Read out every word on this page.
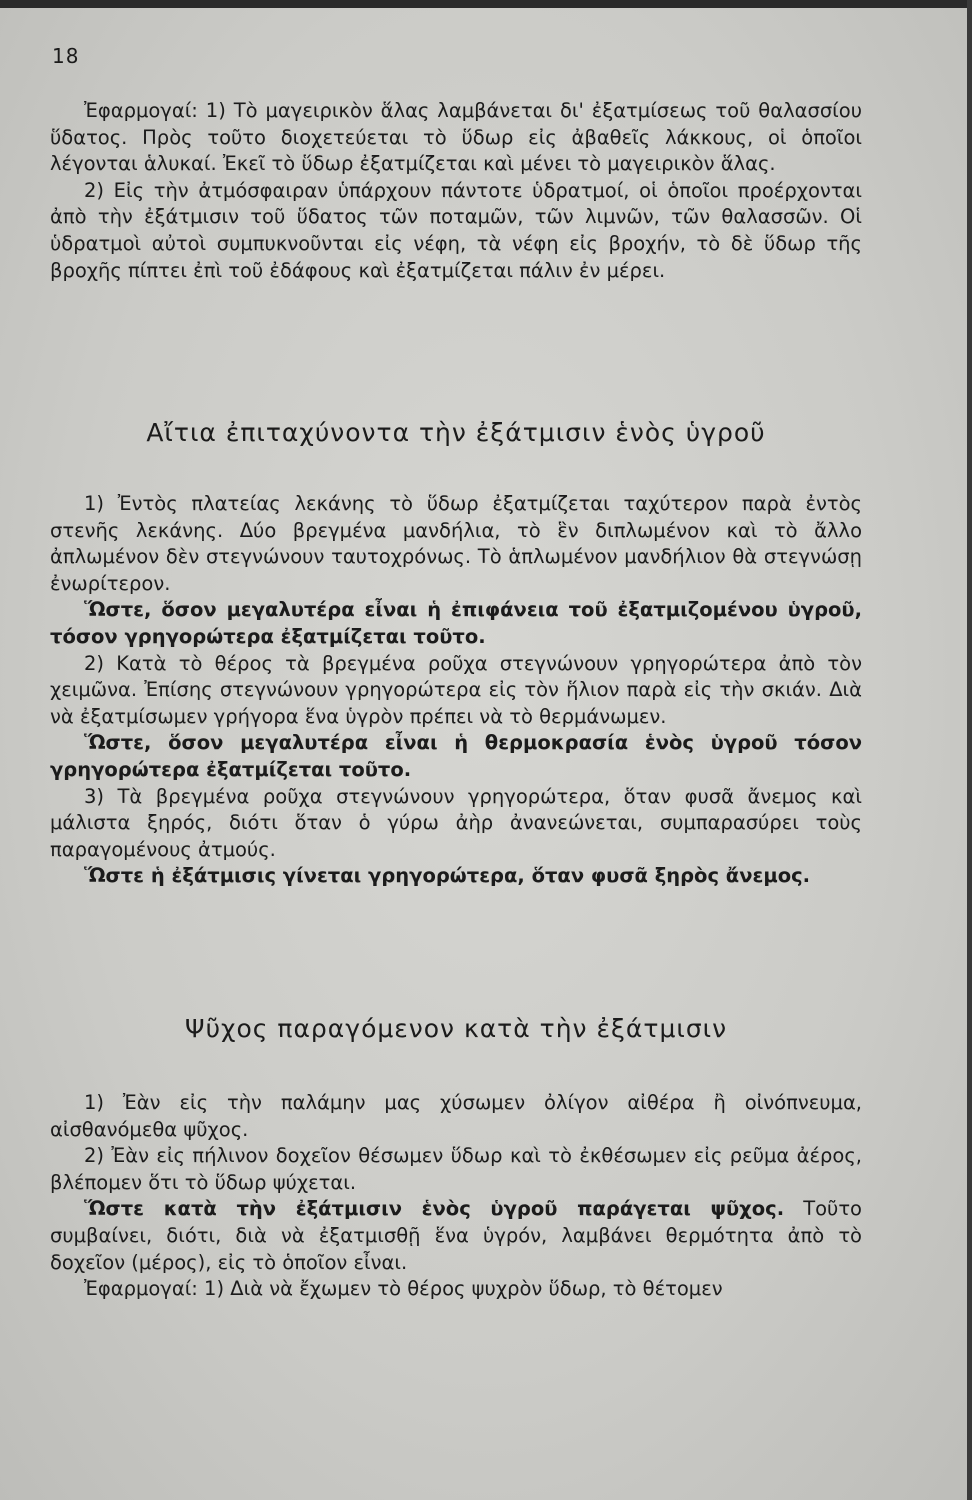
18

Ἐφαρμογαί: 1) Τὸ μαγειρικὸν ἅλας λαμβάνεται δι' ἐξατμίσεως τοῦ θαλασσίου ὕδατος. Πρὸς τοῦτο διοχετεύεται τὸ ὕδωρ εἰς ἀβαθεῖς λάκκους, οἱ ὁποῖοι λέγονται ἁλυκαί. Ἐκεῖ τὸ ὕδωρ ἐξατμίζεται καὶ μένει τὸ μαγειρικὸν ἅλας.

2) Εἰς τὴν ἀτμόσφαιραν ὑπάρχουν πάντοτε ὑδρατμοί, οἱ ὁποῖοι προέρχονται ἀπὸ τὴν ἐξάτμισιν τοῦ ὕδατος τῶν ποταμῶν, τῶν λιμνῶν, τῶν θαλασσῶν. Οἱ ὑδρατμοὶ αὐτοὶ συμπυκνοῦνται εἰς νέφη, τὰ νέφη εἰς βροχήν, τὸ δὲ ὕδωρ τῆς βροχῆς πίπτει ἐπὶ τοῦ ἐδάφους καὶ ἐξατμίζεται πάλιν ἐν μέρει.

Αἴτια ἐπιταχύνοντα τὴν ἐξάτμισιν ἑνὸς ὑγροῦ

1) Ἐντὸς πλατείας λεκάνης τὸ ὕδωρ ἐξατμίζεται ταχύτερον παρὰ ἐντὸς στενῆς λεκάνης. Δύο βρεγμένα μανδήλια, τὸ ἓν διπλωμένον καὶ τὸ ἄλλο ἀπλωμένον δὲν στεγνώνουν ταυτοχρόνως. Τὸ ἁπλωμένον μανδήλιον θὰ στεγνώσῃ ἐνωρίτερον.

Ὥστε, ὅσον μεγαλυτέρα εἶναι ἡ ἐπιφάνεια τοῦ ἐξατμιζομένου ὑγροῦ, τόσον γρηγορώτερα ἐξατμίζεται τοῦτο.

2) Κατὰ τὸ θέρος τὰ βρεγμένα ροῦχα στεγνώνουν γρηγορώτερα ἀπὸ τὸν χειμῶνα. Ἐπίσης στεγνώνουν γρηγορώτερα εἰς τὸν ἥλιον παρὰ εἰς τὴν σκιάν. Διὰ νὰ ἐξατμίσωμεν γρήγορα ἕνα ὑγρὸν πρέπει νὰ τὸ θερμάνωμεν.

Ὥστε, ὅσον μεγαλυτέρα εἶναι ἡ θερμοκρασία ἑνὸς ὑγροῦ τόσον γρηγορώτερα ἐξατμίζεται τοῦτο.

3) Τὰ βρεγμένα ροῦχα στεγνώνουν γρηγορώτερα, ὅταν φυσᾶ ἄνεμος καὶ μάλιστα ξηρός, διότι ὅταν ὁ γύρω ἀὴρ ἀνανεώνεται, συμπαρασύρει τοὺς παραγομένους ἀτμούς.

Ὥστε ἡ ἐξάτμισις γίνεται γρηγορώτερα, ὅταν φυσᾶ ξηρὸς ἄνεμος.

Ψῦχος παραγόμενον κατὰ τὴν ἐξάτμισιν

1) Ἐὰν εἰς τὴν παλάμην μας χύσωμεν ὀλίγον αἰθέρα ἢ οἰνόπνευμα, αἰσθανόμεθα ψῦχος.

2) Ἐὰν εἰς πήλινον δοχεῖον θέσωμεν ὕδωρ καὶ τὸ ἐκθέσωμεν εἰς ρεῦμα ἀέρος, βλέπομεν ὅτι τὸ ὕδωρ ψύχεται.

Ὥστε κατὰ τὴν ἐξάτμισιν ἑνὸς ὑγροῦ παράγεται ψῦχος. Τοῦτο συμβαίνει, διότι, διὰ νὰ ἐξατμισθῇ ἕνα ὑγρόν, λαμβάνει θερμότητα ἀπὸ τὸ δοχεῖον (μέρος), εἰς τὸ ὁποῖον εἶναι.

Ἐφαρμογαί: 1) Διὰ νὰ ἔχωμεν τὸ θέρος ψυχρὸν ὕδωρ, τὸ θέτομεν
